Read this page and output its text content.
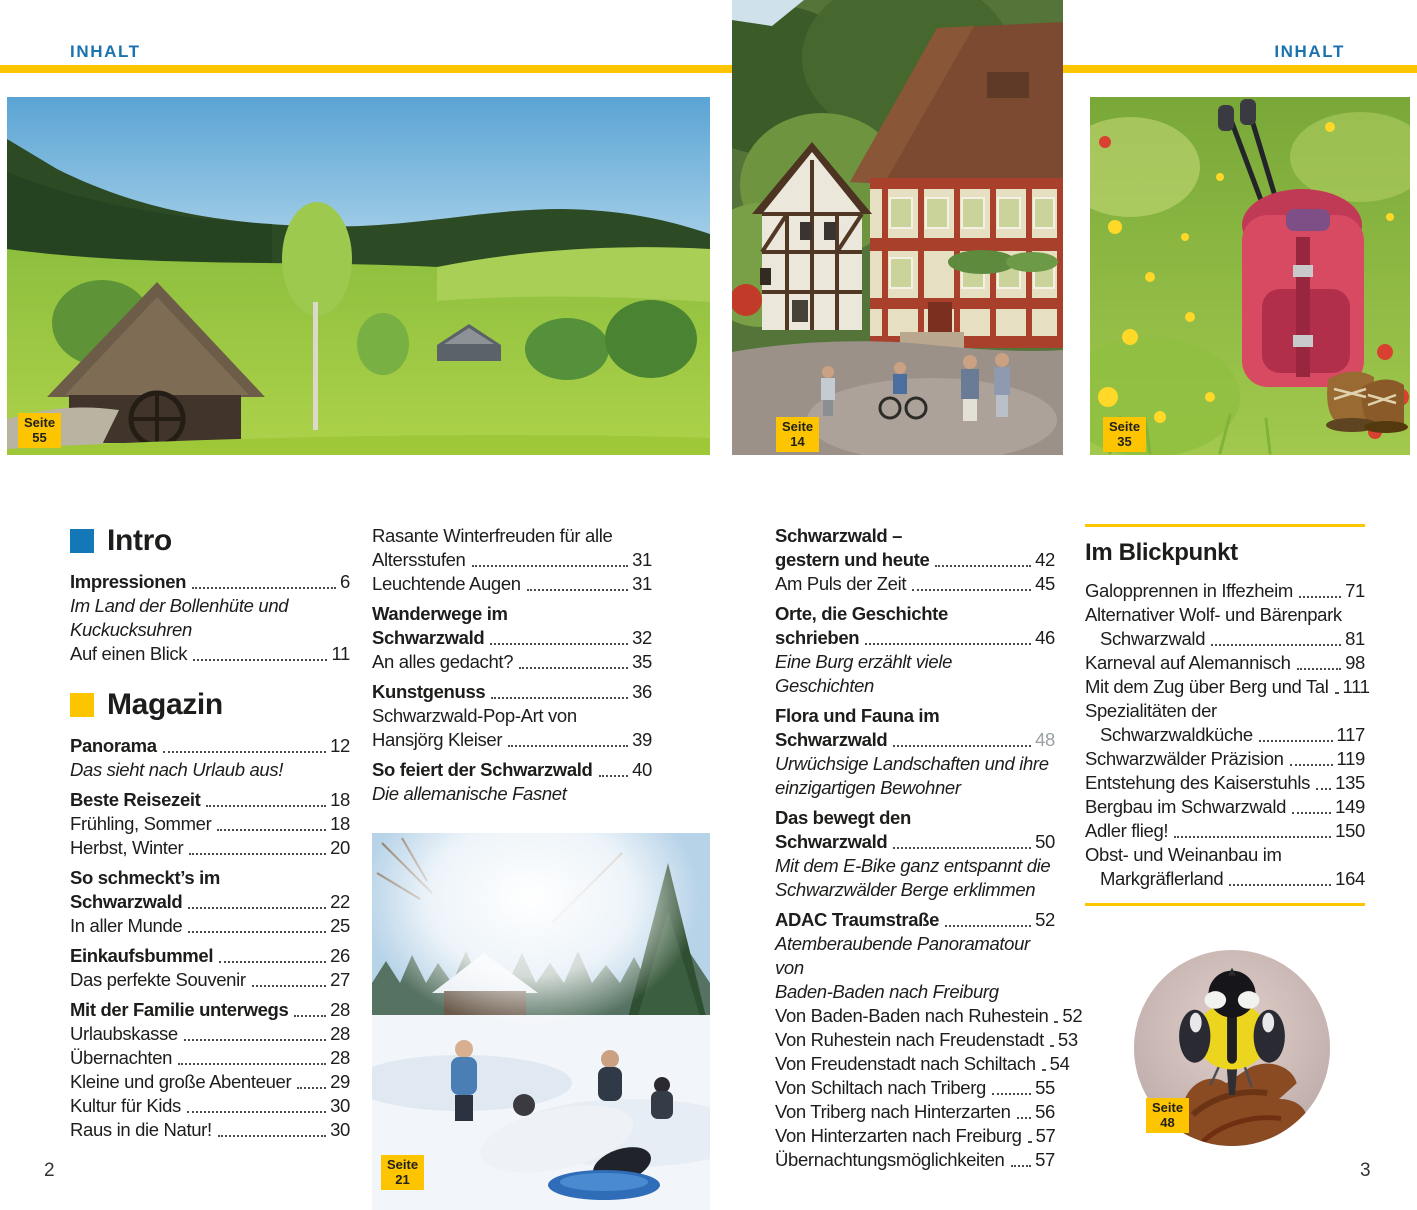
INHALT	INHALT
Seite
55
Seite
14
Seite
35
Seite
21
Seite
48
Intro
Impressionen	6
Im Land der Bollenhüte und
Kuckucksuhren
Auf einen Blick	11
Magazin
Panorama	12
Das sieht nach Urlaub aus!
Beste Reisezeit	18
Frühling, Sommer	18
Herbst, Winter	20
So schmeckt’s im
Schwarzwald	22
In aller Munde	25
Einkaufsbummel	26
Das perfekte Souvenir	27
Mit der Familie unterwegs 28
Urlaubskasse	28
Übernachten	28
Kleine und große Abenteuer 29
Kultur für Kids	30
Raus in die Natur!	30
Rasante Winterfreuden für alle
Altersstufen	31
Leuchtende Augen	31
Wanderwege im
Schwarzwald	32
An alles gedacht?	35
Kunstgenuss	36
Schwarzwald-Pop-Art von
Hansjörg Kleiser	39
So feiert der Schwarzwald 40
Die allemanische Fasnet
Schwarzwald –
gestern und heute	42
Am Puls der Zeit	45
Orte, die Geschichte
schrieben	46
Eine Burg erzählt viele Geschichten
Flora und Fauna im
Schwarzwald	48
Urwüchsige Landschaften und ihre
einzigartigen Bewohner
Das bewegt den
Schwarzwald	50
Mit dem E-Bike ganz entspannt die
Schwarzwälder Berge erklimmen
ADAC Traumstraße	52
Atemberaubende Panoramatour von
Baden-Baden nach Freiburg
Von Baden-Baden nach Ruhestein 52
Von Ruhestein nach Freudenstadt 53
Von Freudenstadt nach Schiltach 54
Von Schiltach nach Triberg	55
Von Triberg nach Hinterzarten 56
Von Hinterzarten nach Freiburg 57
Übernachtungsmöglichkeiten 57
Im Blickpunkt
Galopprennen in Iffezheim	71
Alternativer Wolf- und Bärenpark
Schwarzwald	81
Karneval auf Alemannisch	98
Mit dem Zug über Berg und Tal 111
Spezialitäten der
Schwarzwaldküche	117
Schwarzwälder Präzision	119
Entstehung des Kaiserstuhls 135
Bergbau im Schwarzwald	149
Adler flieg!	150
Obst- und Weinanbau im
Markgräflerland	164
2	3
